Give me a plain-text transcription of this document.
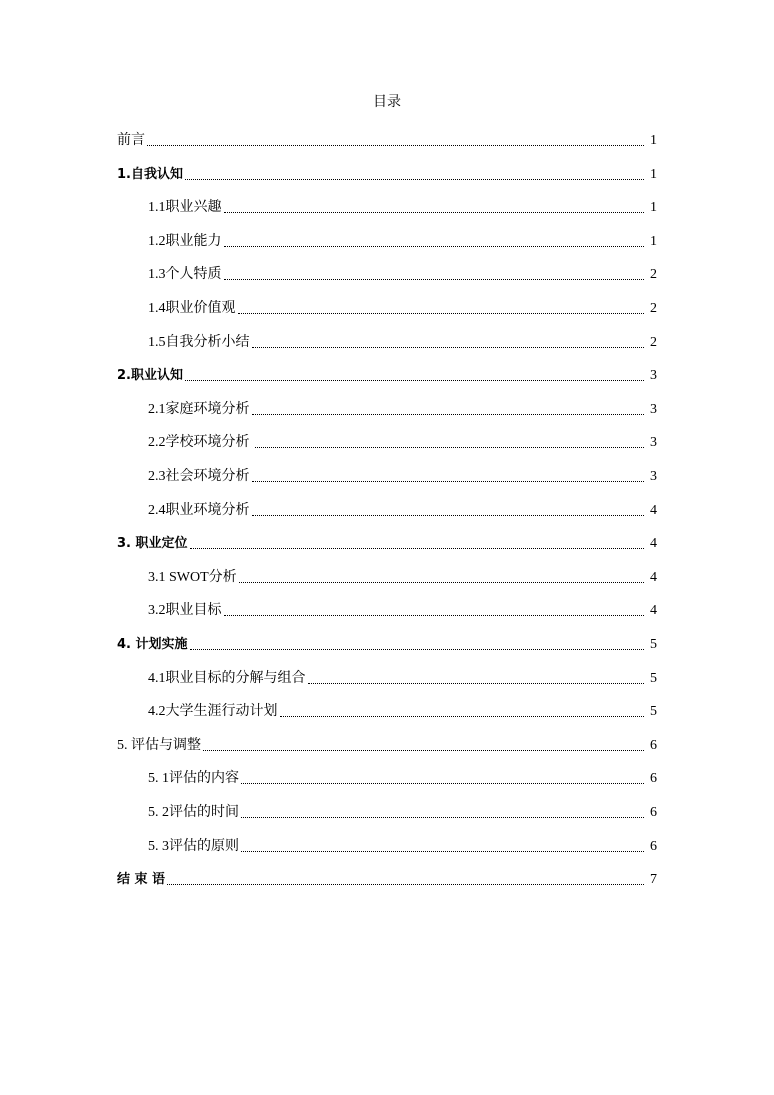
目录
前言	1
1.自我认知	1
1.1职业兴趣	1
1.2职业能力	1
1.3个人特质	2
1.4职业价值观	2
1.5自我分析小结	2
2.职业认知	3
2.1家庭环境分析	3
2.2学校环境分析	3
2.3社会环境分析	3
2.4职业环境分析	4
3. 职业定位	4
3.1 SWOT分析	4
3.2职业目标	4
4. 计划实施	5
4.1职业目标的分解与组合	5
4.2大学生涯行动计划	5
5. 评估与调整	6
5. 1评估的内容	6
5. 2评估的时间	6
5. 3评估的原则	6
结 束 语	7
